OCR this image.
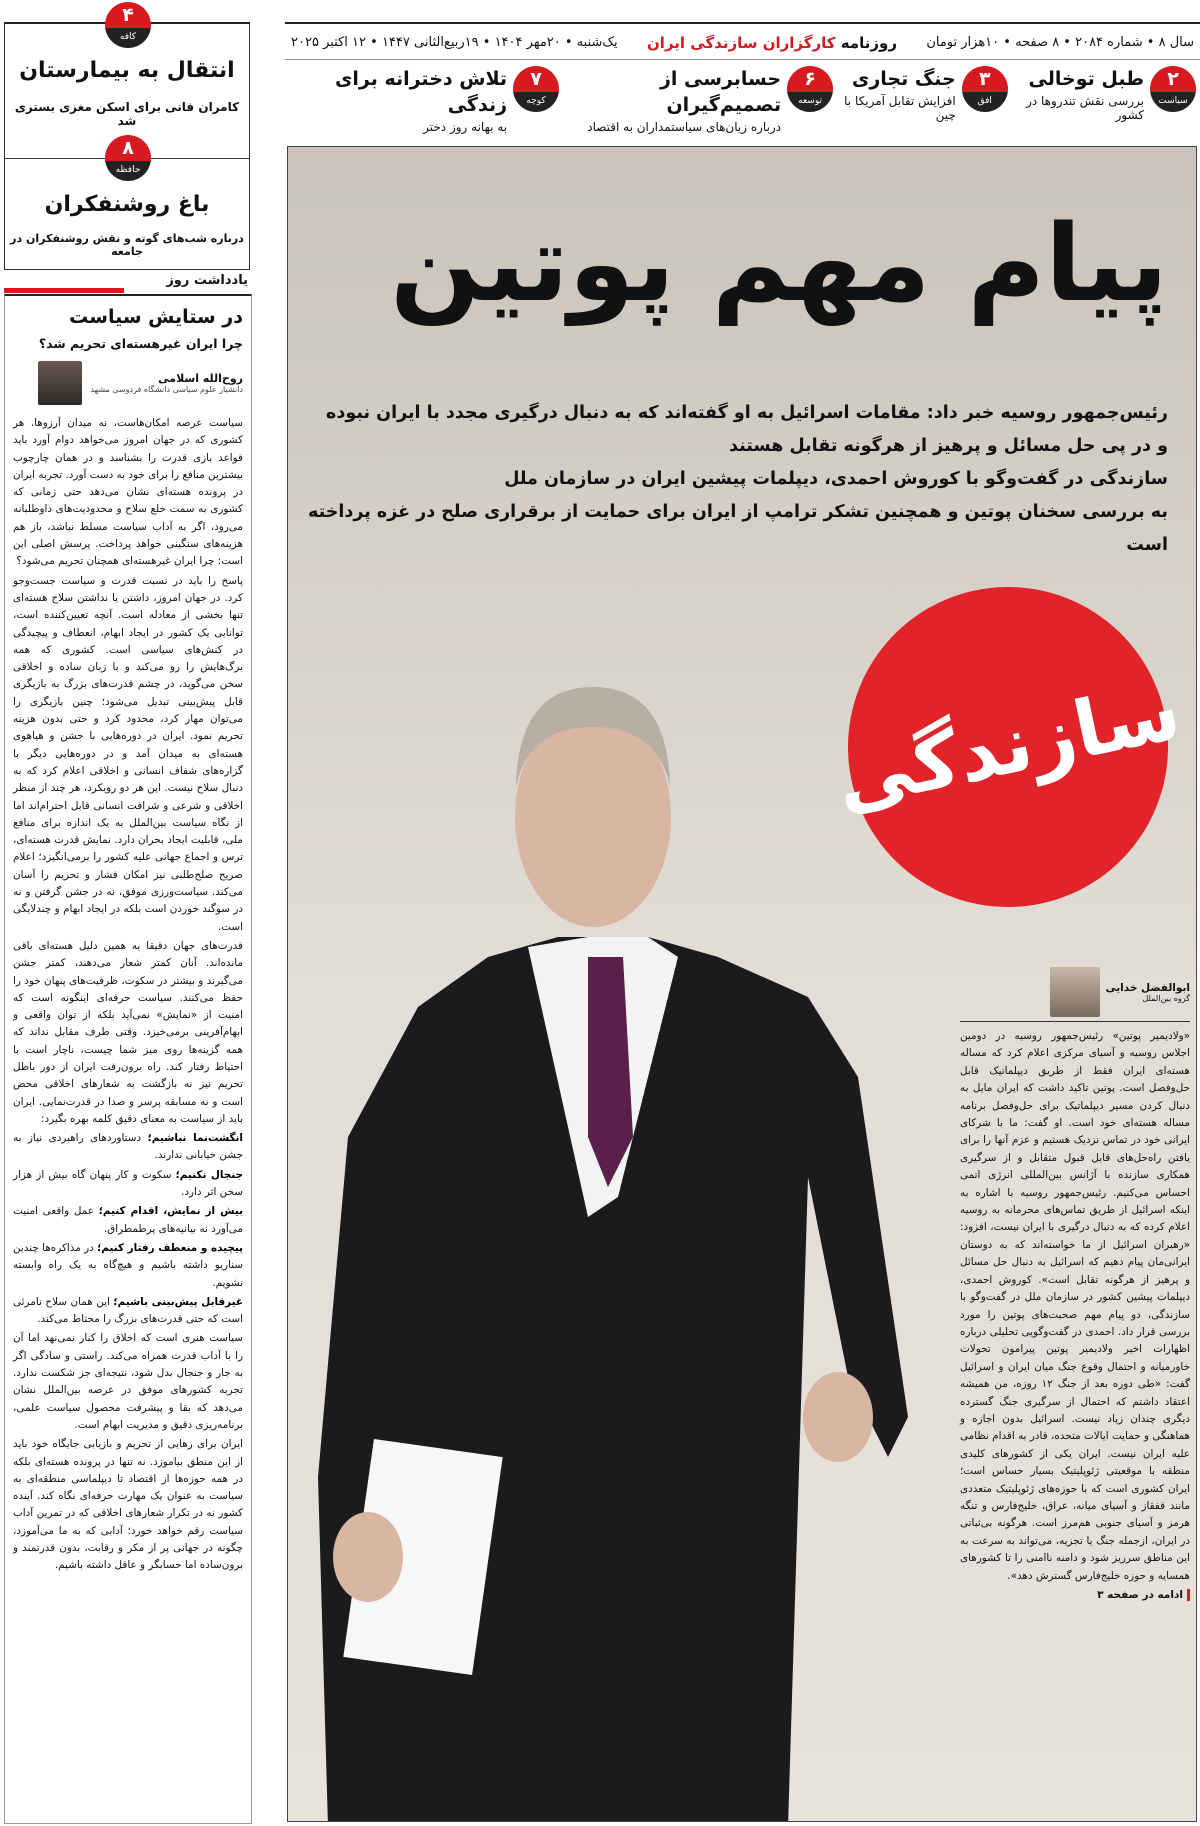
سال ۸ • شماره ۲۰۸۴ • ۸ صفحه • ۱۰هزار تومان
روزنامه کارگزاران سازندگی ایران
یک‌شنبه • ۲۰مهر ۱۴۰۴ • ۱۹ربیع‌الثانی ۱۴۴۷ • ۱۲ اکتبر ۲۰۲۵
۲
سیاست
طبل توخالی
بررسی نقش تندروها در کشور
۳
افق
جنگ تجاری
افزایش تقابل آمریکا با چین
۶
توسعه
حسابرسی از تصمیم‌گیران
درباره زیان‌های سیاستمداران به اقتصاد
۷
کوچه
تلاش دخترانه برای زندگی
به بهانه روز دختر
۴
کافه
انتقال به بیمارستان
کامران فانی برای اسکن مغزی بستری شد
۸
حافظه
باغ روشنفکران
درباره شب‌های گوته و نقش روشنفکران در جامعه
یادداشت روز
در ستایش سیاست
چرا ایران غیرهسته‌ای تحریم شد؟
روح‌الله اسلامی
دانشیار علوم سیاسی دانشگاه فردوسی مشهد

سیاست عرصه امکان‌هاست، نه میدان آرزوها. هر کشوری که در جهان امروز می‌خواهد دوام آورد باید قواعد بازی قدرت را بشناسد و در همان چارچوب بیشترین منافع را برای خود به دست آورد. تجربه ایران در پرونده هسته‌ای نشان می‌دهد حتی زمانی که کشوری به سمت خلع سلاح و محدودیت‌های داوطلبانه می‌رود، اگر به آداب سیاست مسلط نباشد، باز هم هزینه‌های سنگینی خواهد پرداخت. پرسش اصلی این است: چرا ایران غیرهسته‌ای همچنان تحریم می‌شود؟

پاسخ را باید در نسبت قدرت و سیاست جست‌وجو کرد. در جهان امروز، داشتن یا نداشتن سلاح هسته‌ای تنها بخشی از معادله است. آنچه تعیین‌کننده است، توانایی یک کشور در ایجاد ابهام، انعطاف و پیچیدگی در کنش‌های سیاسی است. کشوری که همه برگ‌هایش را رو می‌کند و با زبان ساده و اخلاقی سخن می‌گوید، در چشم قدرت‌های بزرگ به بازیگری قابل پیش‌بینی تبدیل می‌شود؛ چنین بازیگری را می‌توان مهار کرد، محدود کرد و حتی بدون هزینه تحریم نمود. ایران در دوره‌هایی با جشن و هیاهوی هسته‌ای به میدان آمد و در دوره‌هایی دیگر با گزاره‌های شفاف انسانی و اخلاقی اعلام کرد که به دنبال سلاح نیست. این هر دو رویکرد، هر چند از منظر اخلاقی و شرعی و شرافت انسانی قابل احترام‌اند اما از نگاه سیاست بین‌الملل به یک اندازه برای منافع ملی، قابلیت ایجاد بحران دارد. نمایش قدرت هسته‌ای، ترس و اجماع جهانی علیه کشور را برمی‌انگیزد؛ اعلام صریح صلح‌طلبی نیز امکان فشار و تحریم را آسان می‌کند. سیاست‌ورزی موفق، نه در جشن گرفتن و نه در سوگند خوردن است بلکه در ایجاد ابهام و چندلایگی است.

قدرت‌های جهان دقیقا به همین دلیل هسته‌ای باقی مانده‌اند. آنان کمتر شعار می‌دهند، کمتر جشن می‌گیرند و بیشتر در سکوت، ظرفیت‌های پنهان خود را حفظ می‌کنند. سیاست حرفه‌ای اینگونه است که امنیت از «نمایش» نمی‌آید بلکه از توان واقعی و ابهام‌آفرینی برمی‌خیزد. وقتی طرف مقابل نداند که همه گزینه‌ها روی میز شما چیست، ناچار است با احتیاط رفتار کند. راه برون‌رفت ایران از دور باطل تحریم نیز نه بازگشت به شعارهای اخلاقی محض است و نه مسابقه پرسر و صدا در قدرت‌نمایی. ایران باید از سیاست به معنای دقیق کلمه بهره بگیرد:

انگشت‌نما نباشیم؛ دستاوردهای راهبردی نیاز به جشن خیابانی ندارند.
جنجال نکنیم؛ سکوت و کار پنهان گاه بیش از هزار سخن اثر دارد.
بیش از نمایش، اقدام کنیم؛ عمل واقعی امنیت می‌آورد نه بیانیه‌های پرطمطراق.
پیچیده و منعطف رفتار کنیم؛ در مذاکره‌ها چندین سناریو داشته باشیم و هیچ‌گاه به یک راه وابسته نشویم.
غیرقابل پیش‌بینی باشیم؛ این همان سلاح نامرئی است که حتی قدرت‌های بزرگ را محتاط می‌کند.

سیاست هنری است که اخلاق را کنار نمی‌نهد اما آن را با آداب قدرت همراه می‌کند. راستی و سادگی اگر به جار و جنجال بدل شود، نتیجه‌ای جز شکست ندارد. تجربه کشورهای موفق در عرصه بین‌الملل نشان می‌دهد که بقا و پیشرفت محصول سیاست علمی، برنامه‌ریزی دقیق و مدیریت ابهام است.

ایران برای رهایی از تحریم و بازیابی جایگاه خود باید از این منطق بیاموزد. نه تنها در پرونده هسته‌ای بلکه در همه حوزه‌ها از اقتصاد تا دیپلماسی منطقه‌ای به سیاست به عنوان یک مهارت حرفه‌ای نگاه کند. آینده کشور نه در تکرار شعارهای اخلاقی که در تمرین آداب سیاست رقم خواهد خورد؛ آدابی که به ما می‌آموزد، چگونه در جهانی پر از مکر و رقابت، بدون قدرتمند و برون‌ساده اما حسابگر و عاقل داشته باشیم.

پیام مهم پوتین
رئیس‌جمهور روسیه خبر داد: مقامات اسرائیل به او گفته‌اند که به دنبال درگیری مجدد با ایران نبوده
و در پی حل مسائل و پرهیز از هرگونه تقابل هستند
سازندگی در گفت‌وگو با کوروش احمدی، دیپلمات پیشین ایران در سازمان ملل
به بررسی سخنان پوتین و همچنین تشکر ترامپ از ایران برای حمایت از برقراری صلح در غزه پرداخته است
سازندگی
ابوالفضل خدایی
گروه بین‌الملل
«ولادیمیر پوتین» رئیس‌جمهور روسیه در دومین اجلاس روسیه و آسیای مرکزی اعلام کرد که مساله هسته‌ای ایران فقط از طریق دیپلماتیک قابل حل‌وفصل است. پوتین تاکید داشت که ایران مایل به دنبال کردن مسیر دیپلماتیک برای حل‌وفصل برنامه مساله هسته‌ای خود است. او گفت: ما با شرکای ایرانی خود در تماس نزدیک هستیم و عزم آنها را برای یافتن راه‌حل‌های قابل قبول متقابل و از سرگیری همکاری سازنده با آژانس بین‌المللی انرژی اتمی احساس می‌کنیم. رئیس‌جمهور روسیه با اشاره به اینکه اسرائیل از طریق تماس‌های محرمانه به روسیه اعلام کرده که به دنبال درگیری با ایران نیست، افزود: «رهبران اسرائیل از ما خواسته‌اند که به دوستان ایرانی‌مان پیام دهیم که اسرائیل به دنبال حل مسائل و پرهیز از هرگونه تقابل است». کوروش احمدی، دیپلمات پیشین کشور در سازمان ملل در گفت‌وگو با سازندگی، دو پیام مهم صحبت‌های پوتین را مورد بررسی قرار داد. احمدی در گفت‌وگویی تحلیلی درباره اظهارات اخیر ولادیمیر پوتین پیرامون تحولات خاورمیانه و احتمال وقوع جنگ میان ایران و اسرائیل گفت: «طی دوره بعد از جنگ ۱۲ روزه، من همیشه اعتقاد داشتم که احتمال از سرگیری جنگ گسترده دیگری چندان زیاد نیست. اسرائیل بدون اجازه و هماهنگی و حمایت ایالات متحده، قادر به اقدام نظامی علیه ایران نیست. ایران یکی از کشورهای کلیدی منطقه با موقعیتی ژئوپلیتیک بسیار حساس است؛ ایران کشوری است که با حوزه‌های ژئوپلیتیک متعددی مانند قفقاز و آسیای میانه، عراق، خلیج‌فارس و تنگه هرمز و آسیای جنوبی هم‌مرز است. هرگونه بی‌ثباتی در ایران، ازجمله جنگ یا تجزیه، می‌تواند به سرعت به این مناطق سرریز شود و دامنه ناامنی را تا کشورهای همسایه و حوزه خلیج‌فارس گسترش دهد».
ادامه در صفحه ۳
